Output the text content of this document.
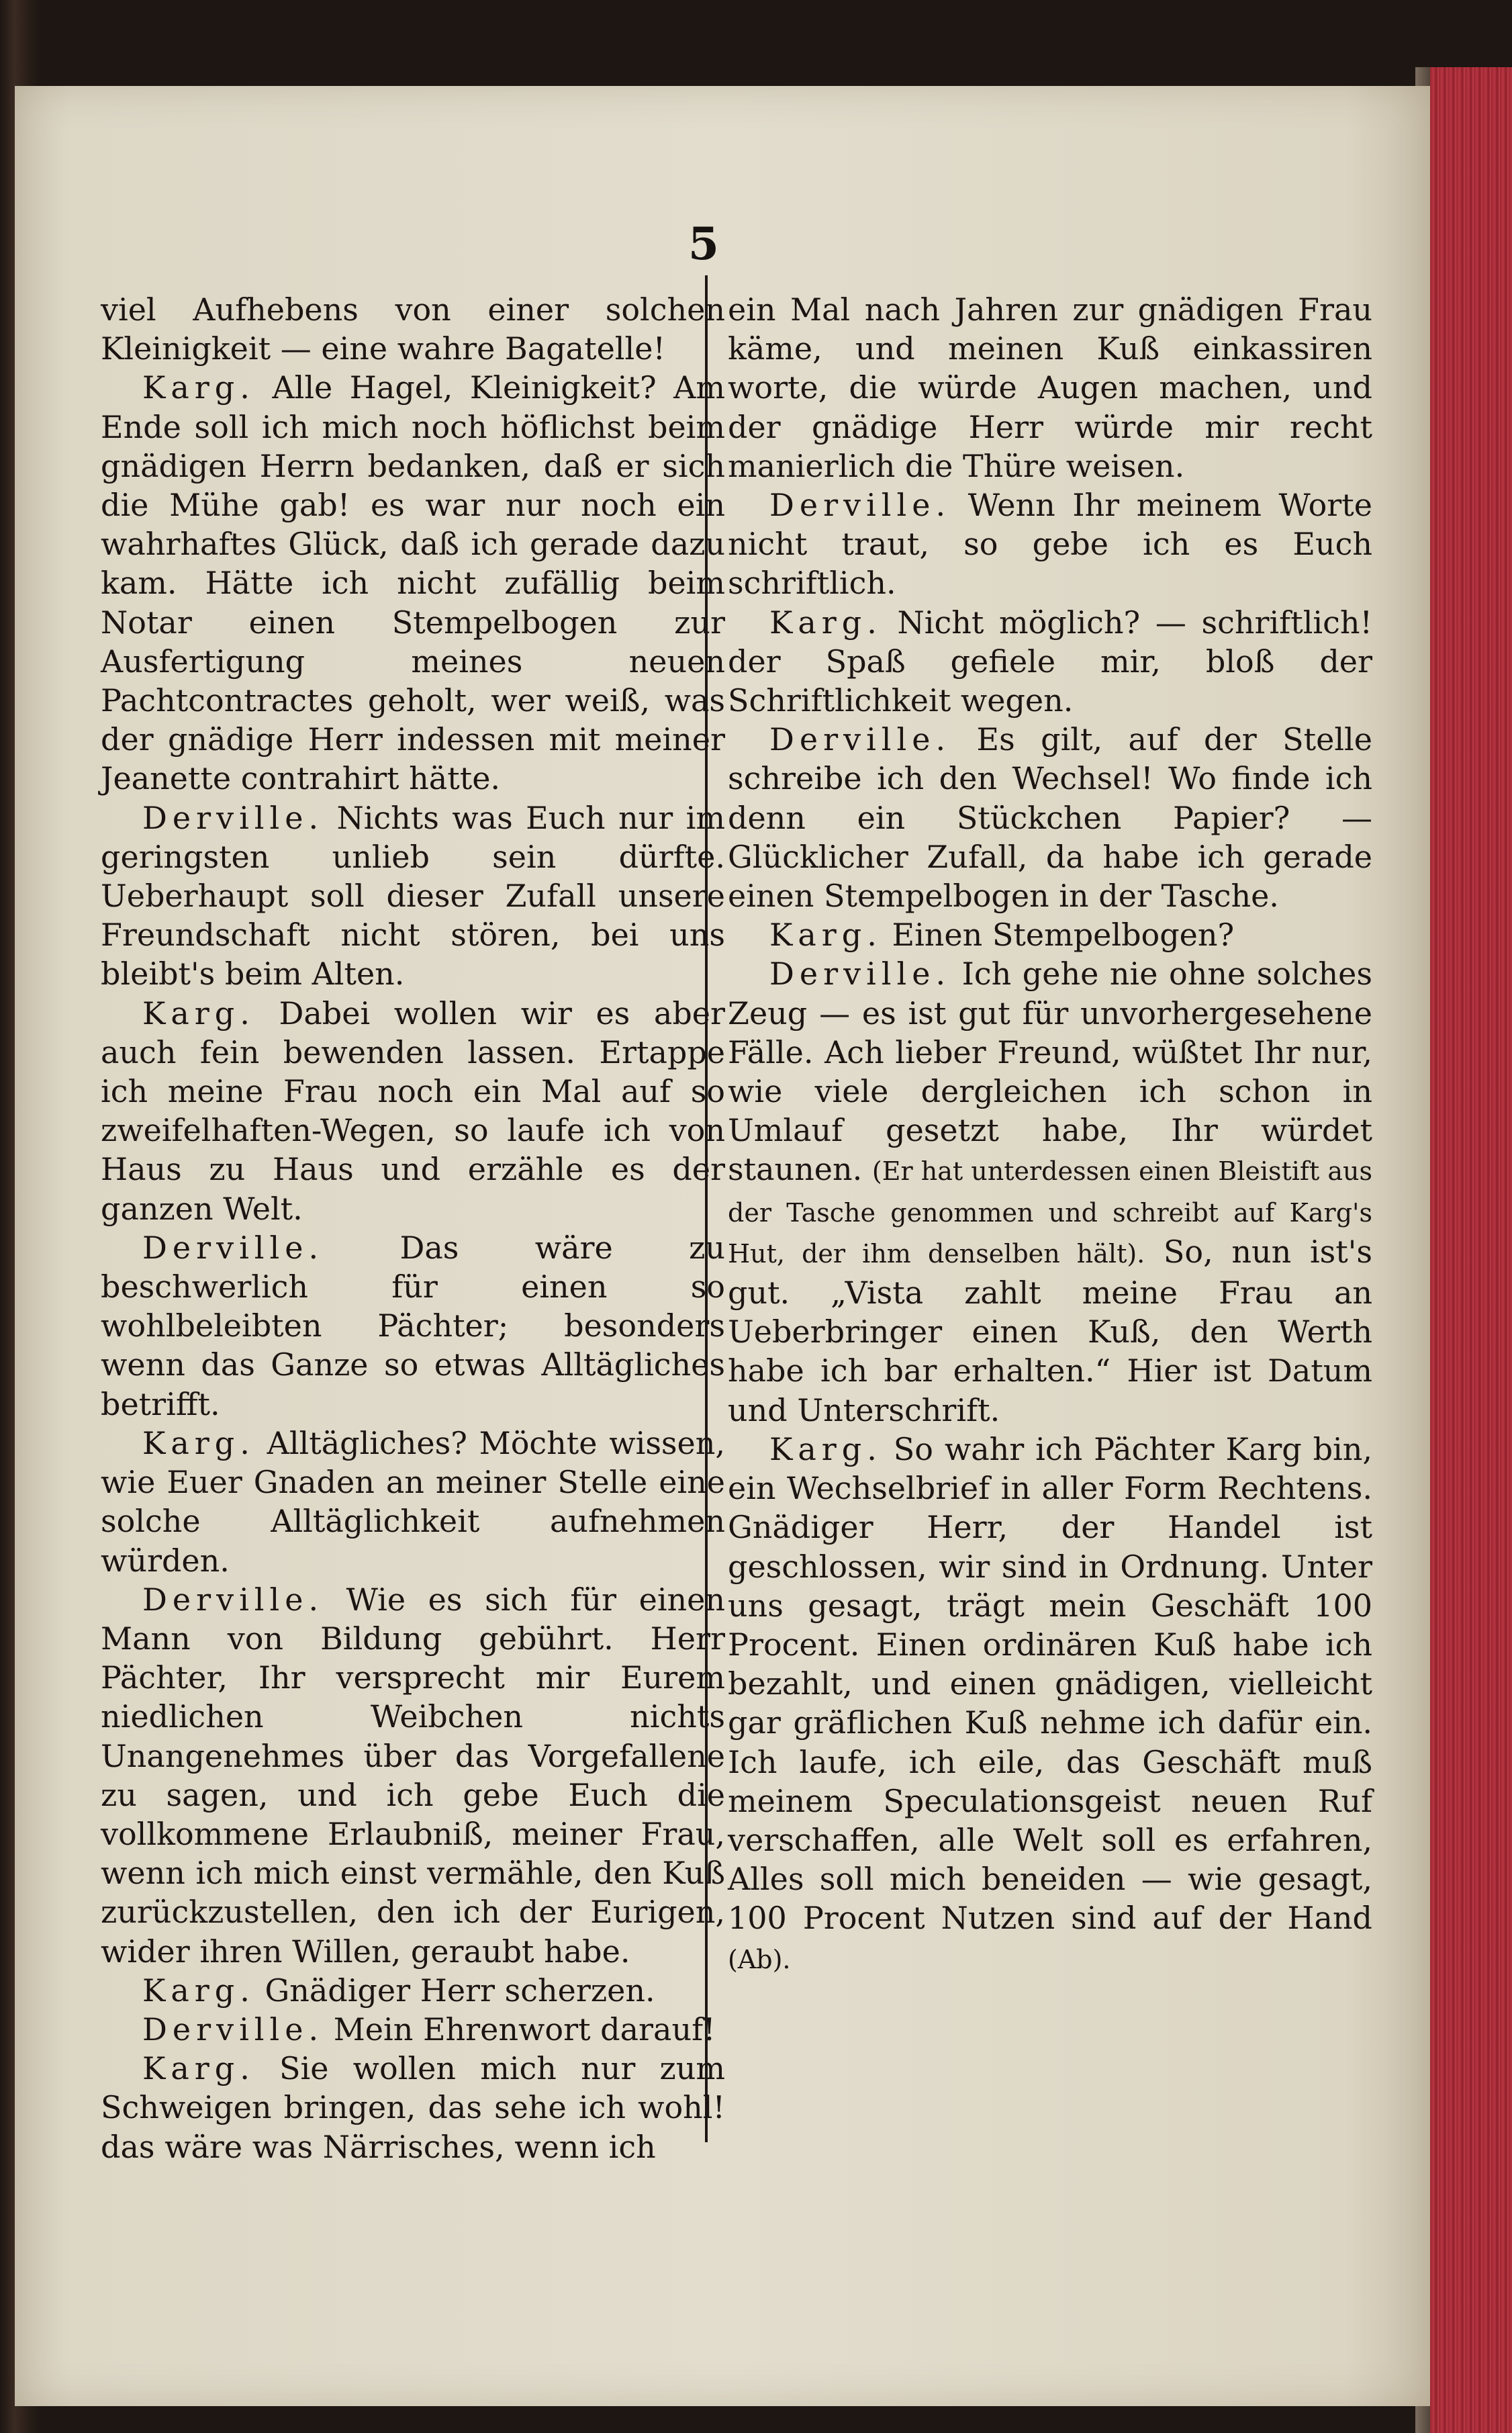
5

viel Aufhebens von einer solchen Kleinigkeit — eine wahre Bagatelle!

Karg. Alle Hagel, Kleinigkeit? Am Ende soll ich mich noch höflichst beim gnädigen Herrn bedanken, daß er sich die Mühe gab! es war nur noch ein wahrhaftes Glück, daß ich gerade dazu kam. Hätte ich nicht zufällig beim Notar einen Stempelbogen zur Ausfertigung meines neuen Pachtcontractes geholt, wer weiß, was der gnädige Herr indessen mit meiner Jeanette contrahirt hätte.

Derville. Nichts was Euch nur im geringsten unlieb sein dürfte. Ueberhaupt soll dieser Zufall unsere Freundschaft nicht stören, bei uns bleibt's beim Alten.

Karg. Dabei wollen wir es aber auch fein bewenden lassen. Ertappe ich meine Frau noch ein Mal auf so zweifelhaften-Wegen, so laufe ich von Haus zu Haus und erzähle es der ganzen Welt.

Derville. Das wäre zu beschwerlich für einen so wohlbeleibten Pächter; besonders wenn das Ganze so etwas Alltägliches betrifft.

Karg. Alltägliches? Möchte wissen, wie Euer Gnaden an meiner Stelle eine solche Alltäglichkeit aufnehmen würden.

Derville. Wie es sich für einen Mann von Bildung gebührt. Herr Pächter, Ihr versprecht mir Eurem niedlichen Weibchen nichts Unangenehmes über das Vorgefallene zu sagen, und ich gebe Euch die vollkommene Erlaubniß, meiner Frau, wenn ich mich einst vermähle, den Kuß zurückzustellen, den ich der Eurigen, wider ihren Willen, geraubt habe.

Karg. Gnädiger Herr scherzen.

Derville. Mein Ehrenwort darauf!

Karg. Sie wollen mich nur zum Schweigen bringen, das sehe ich wohl! das wäre was Närrisches, wenn ich

ein Mal nach Jahren zur gnädigen Frau käme, und meinen Kuß einkassiren worte, die würde Augen machen, und der gnädige Herr würde mir recht manierlich die Thüre weisen.

Derville. Wenn Ihr meinem Worte nicht traut, so gebe ich es Euch schriftlich.

Karg. Nicht möglich? — schriftlich! der Spaß gefiele mir, bloß der Schriftlichkeit wegen.

Derville. Es gilt, auf der Stelle schreibe ich den Wechsel! Wo finde ich denn ein Stückchen Papier? — Glücklicher Zufall, da habe ich gerade einen Stempelbogen in der Tasche.

Karg. Einen Stempelbogen?

Derville. Ich gehe nie ohne solches Zeug — es ist gut für unvorhergesehene Fälle. Ach lieber Freund, wüßtet Ihr nur, wie viele dergleichen ich schon in Umlauf gesetzt habe, Ihr würdet staunen. (Er hat unterdessen einen Bleistift aus der Tasche genommen und schreibt auf Karg's Hut, der ihm denselben hält). So, nun ist's gut. „Vista zahlt meine Frau an Ueberbringer einen Kuß, den Werth habe ich bar erhalten.“ Hier ist Datum und Unterschrift.

Karg. So wahr ich Pächter Karg bin, ein Wechselbrief in aller Form Rechtens. Gnädiger Herr, der Handel ist geschlossen, wir sind in Ordnung. Unter uns gesagt, trägt mein Geschäft 100 Procent. Einen ordinären Kuß habe ich bezahlt, und einen gnädigen, vielleicht gar gräflichen Kuß nehme ich dafür ein. Ich laufe, ich eile, das Geschäft muß meinem Speculationsgeist neuen Ruf verschaffen, alle Welt soll es erfahren, Alles soll mich beneiden — wie gesagt, 100 Procent Nutzen sind auf der Hand (Ab).
